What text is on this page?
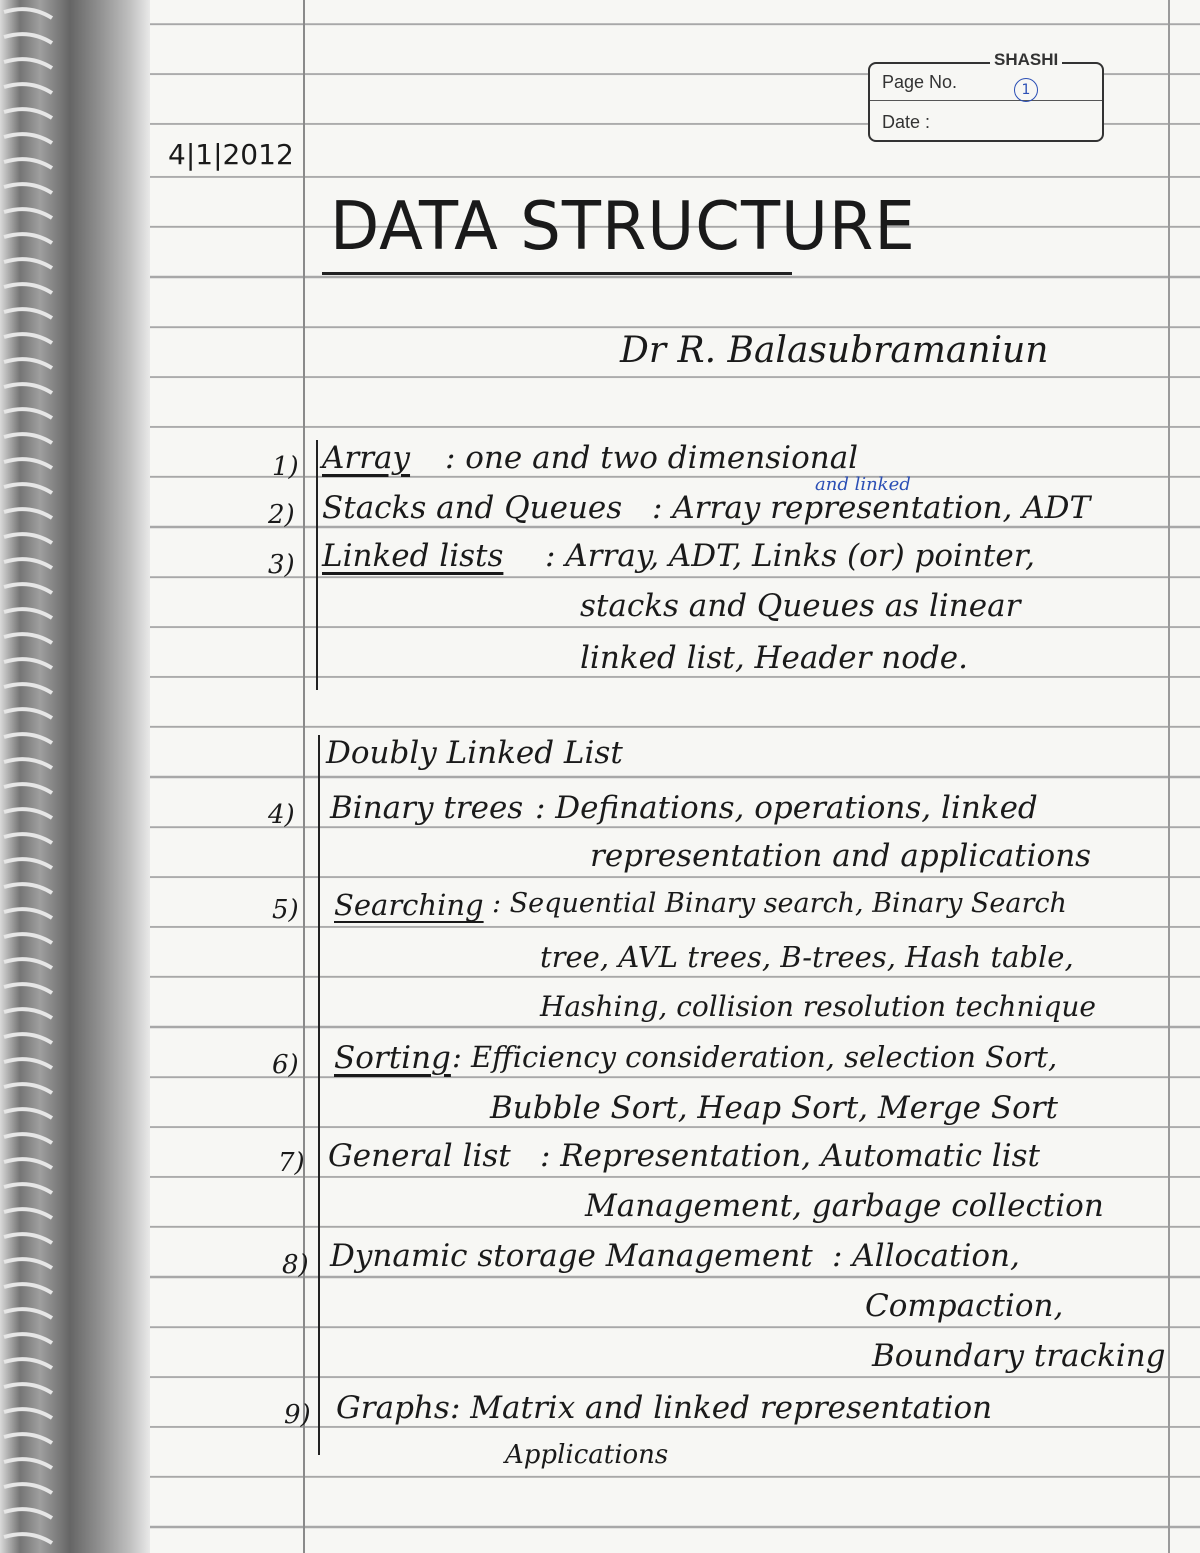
Page No.
Date :
SHASHI
1
4|1|2012
DATA STRUCTURE
Dr R. Balasubramaniun
1) Array : one and two dimensional
2) Stacks and Queues : Array representation, ADT
and linked
3) Linked lists : Array, ADT, Links (or) pointer,
stacks and Queues as linear
linked list, Header node.
Doubly Linked List
4) Binary trees : Definations, operations, linked
representation and applications
5) Searching : Sequential Binary search, Binary Search
tree, AVL trees, B-trees, Hash table,
Hashing, collision resolution technique
6) Sorting : Efficiency consideration, selection Sort,
Bubble Sort, Heap Sort, Merge Sort
7) General list : Representation, Automatic list
Management, garbage collection
8) Dynamic storage Management : Allocation,
Compaction,
Boundary tracking
9) Graphs : Matrix and linked representation
Applications
